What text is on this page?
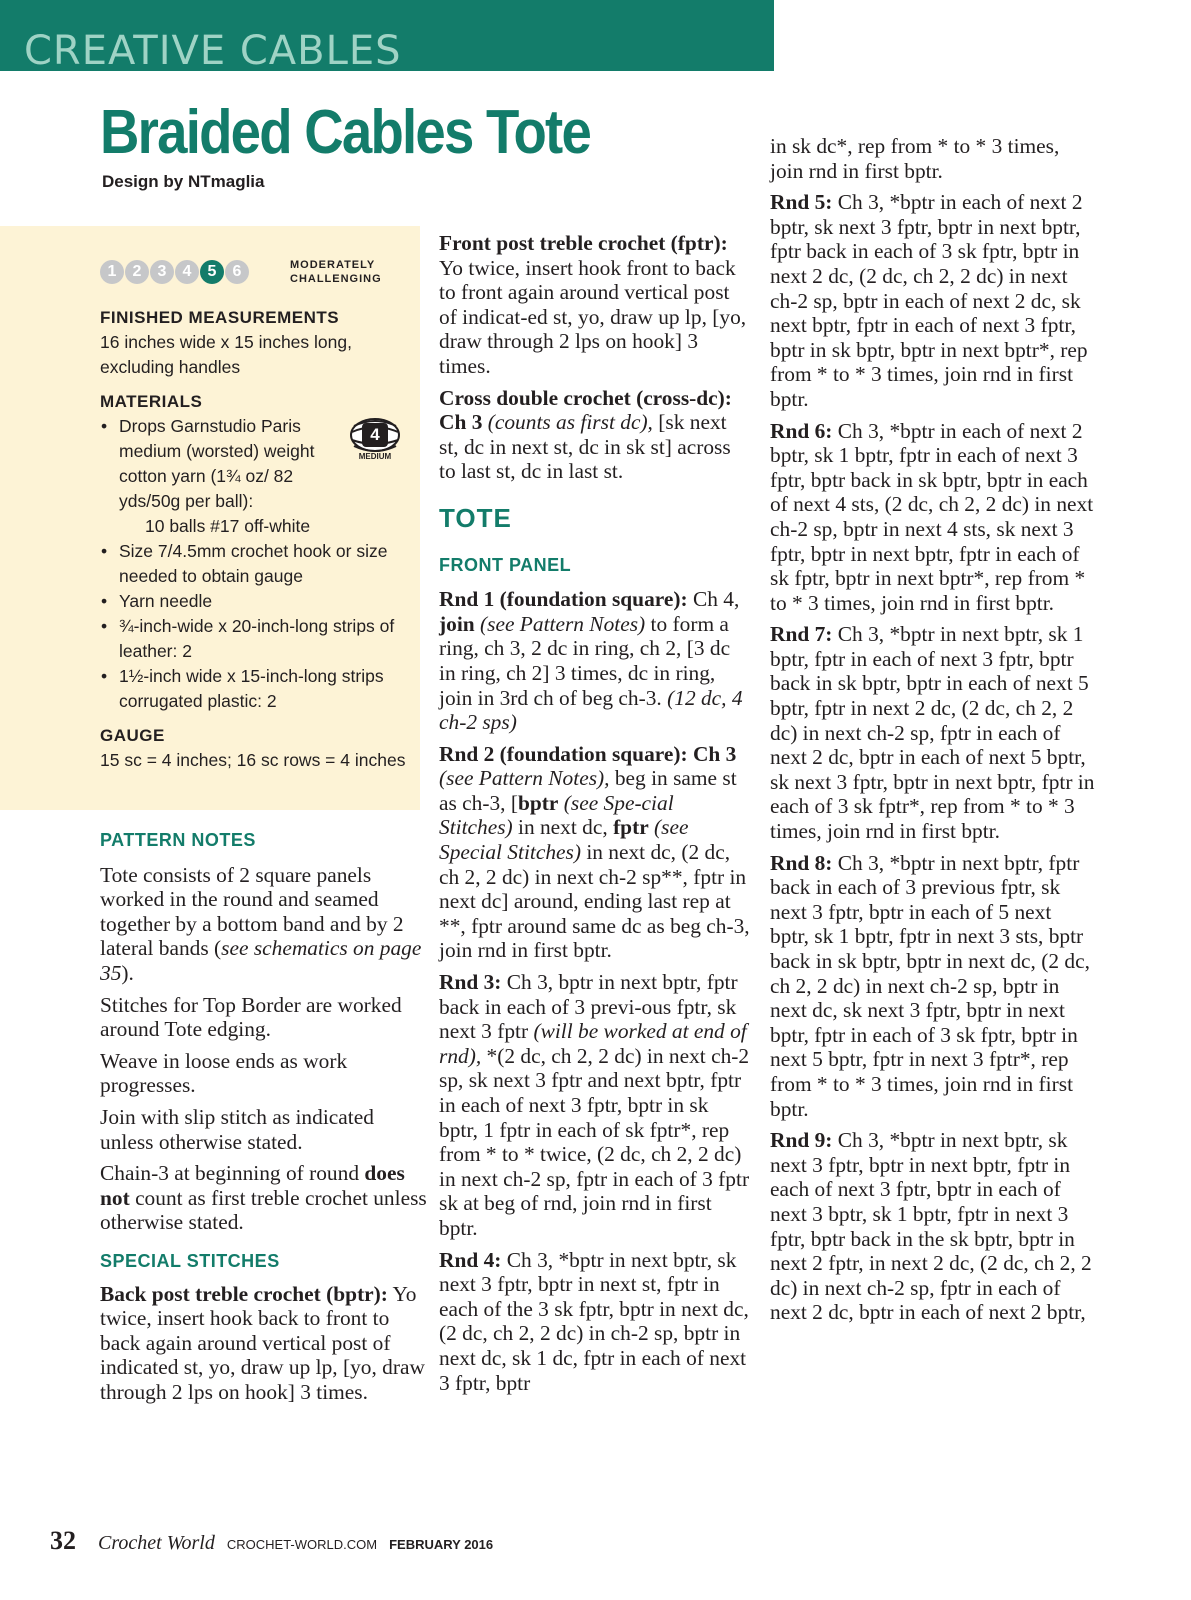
CREATIVE CABLES
Braided Cables Tote
Design by NTmaglia
1	2	3	4	5	6	MODERATELY
CHALLENGING
4
MEDIUM
FINISHED MEASUREMENTS

16 inches wide x 15 inches long, excluding handles

MATERIALS
• Drops Garnstudio Paris medium (worsted) weight cotton yarn (1¾ oz/ 82 yds/50g per ball):
10 balls #17 off-white
• Size 7/4.5mm crochet hook or size needed to obtain gauge
• Yarn needle
• ¾-inch-wide x 20-inch-long strips of leather: 2
• 1½-inch wide x 15-inch-long strips corrugated plastic: 2
GAUGE

15 sc = 4 inches; 16 sc rows = 4 inches

PATTERN NOTES

Tote consists of 2 square panels worked in the round and seamed together by a bottom band and by 2 lateral bands (see schematics on page 35).

Stitches for Top Border are worked around Tote edging.

Weave in loose ends as work progresses.

Join with slip stitch as indicated unless otherwise stated.

Chain-3 at beginning of round does not count as first treble crochet unless otherwise stated.

SPECIAL STITCHES

Back post treble crochet (bptr): Yo twice, insert hook back to front to back again around vertical post of indicated st, yo, draw up lp, [yo, draw through 2 lps on hook] 3 times.

Front post treble crochet (fptr): Yo twice, insert hook front to back to front again around vertical post of indicat-ed st, yo, draw up lp, [yo, draw through 2 lps on hook] 3 times.

Cross double crochet (cross-dc): Ch 3 (counts as first dc), [sk next st, dc in next st, dc in sk st] across to last st, dc in last st.

TOTE
FRONT PANEL

Rnd 1 (foundation square): Ch 4, join (see Pattern Notes) to form a ring, ch 3, 2 dc in ring, ch 2, [3 dc in ring, ch 2] 3 times, dc in ring, join in 3rd ch of beg ch-3. (12 dc, 4 ch-2 sps)

Rnd 2 (foundation square): Ch 3 (see Pattern Notes), beg in same st as ch-3, [bptr (see Spe-cial Stitches) in next dc, fptr (see Special Stitches) in next dc, (2 dc, ch 2, 2 dc) in next ch-2 sp**, fptr in next dc] around, ending last rep at **, fptr around same dc as beg ch-3, join rnd in first bptr.

Rnd 3: Ch 3, bptr in next bptr, fptr back in each of 3 previ-ous fptr, sk next 3 fptr (will be worked at end of rnd), *(2 dc, ch 2, 2 dc) in next ch-2 sp, sk next 3 fptr and next bptr, fptr in each of next 3 fptr, bptr in sk bptr, 1 fptr in each of sk fptr*, rep from * to * twice, (2 dc, ch 2, 2 dc) in next ch-2 sp, fptr in each of 3 fptr sk at beg of rnd, join rnd in first bptr.

Rnd 4: Ch 3, *bptr in next bptr, sk next 3 fptr, bptr in next st, fptr in each of the 3 sk fptr, bptr in next dc, (2 dc, ch 2, 2 dc) in ch-2 sp, bptr in next dc, sk 1 dc, fptr in each of next 3 fptr, bptr

in sk dc*, rep from * to * 3 times, join rnd in first bptr.

Rnd 5: Ch 3, *bptr in each of next 2 bptr, sk next 3 fptr, bptr in next bptr, fptr back in each of 3 sk fptr, bptr in next 2 dc, (2 dc, ch 2, 2 dc) in next ch-2 sp, bptr in each of next 2 dc, sk next bptr, fptr in each of next 3 fptr, bptr in sk bptr, bptr in next bptr*, rep from * to * 3 times, join rnd in first bptr.

Rnd 6: Ch 3, *bptr in each of next 2 bptr, sk 1 bptr, fptr in each of next 3 fptr, bptr back in sk bptr, bptr in each of next 4 sts, (2 dc, ch 2, 2 dc) in next ch-2 sp, bptr in next 4 sts, sk next 3 fptr, bptr in next bptr, fptr in each of sk fptr, bptr in next bptr*, rep from * to * 3 times, join rnd in first bptr.

Rnd 7: Ch 3, *bptr in next bptr, sk 1 bptr, fptr in each of next 3 fptr, bptr back in sk bptr, bptr in each of next 5 bptr, fptr in next 2 dc, (2 dc, ch 2, 2 dc) in next ch-2 sp, fptr in each of next 2 dc, bptr in each of next 5 bptr, sk next 3 fptr, bptr in next bptr, fptr in each of 3 sk fptr*, rep from * to * 3 times, join rnd in first bptr.

Rnd 8: Ch 3, *bptr in next bptr, fptr back in each of 3 previous fptr, sk next 3 fptr, bptr in each of 5 next bptr, sk 1 bptr, fptr in next 3 sts, bptr back in sk bptr, bptr in next dc, (2 dc, ch 2, 2 dc) in next ch-2 sp, bptr in next dc, sk next 3 fptr, bptr in next bptr, fptr in each of 3 sk fptr, bptr in next 5 bptr, fptr in next 3 fptr*, rep from * to * 3 times, join rnd in first bptr.

Rnd 9: Ch 3, *bptr in next bptr, sk next 3 fptr, bptr in next bptr, fptr in each of next 3 fptr, bptr in each of next 3 bptr, sk 1 bptr, fptr in next 3 fptr, bptr back in the sk bptr, bptr in next 2 fptr, in next 2 dc, (2 dc, ch 2, 2 dc) in next ch-2 sp, fptr in each of next 2 dc, bptr in each of next 2 bptr,

32 Crochet World CROCHET-WORLD.COM FEBRUARY 2016
